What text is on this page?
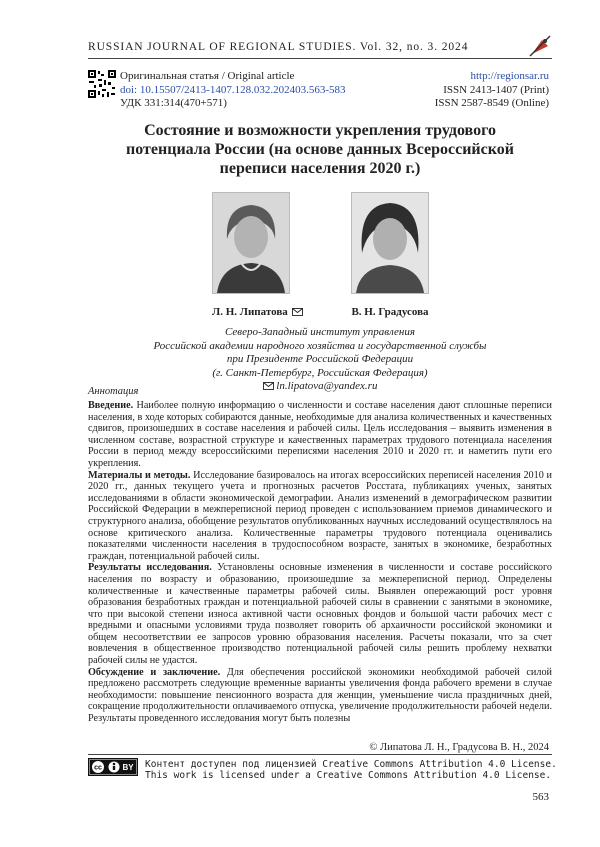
RUSSIAN JOURNAL OF REGIONAL STUDIES. Vol. 32, no. 3. 2024
Оригинальная статья / Original article
doi: 10.15507/2413-1407.128.032.202403.563-583
УДК 331:314(470+571)
http://regionsar.ru
ISSN 2413-1407 (Print)
ISSN 2587-8549 (Online)
Состояние и возможности укрепления трудового
потенциала России (на основе данных Всероссийской
переписи населения 2020 г.)
Л. Н. Липатова	В. Н. Градусова
Северо-Западный институт управления
Российской академии народного хозяйства и государственной службы
при Президенте Российской Федерации
(г. Санкт-Петербург, Российская Федерация)
ln.lipatova@yandex.ru
Аннотация

Введение. Наиболее полную информацию о численности и составе населения дают сплошные переписи населения, в ходе которых собираются данные, необходимые для анализа количественных и качественных сдвигов, произошедших в составе населения и рабочей силы. Цель исследования – выявить изменения в численном составе, возрастной структуре и качественных параметрах трудового потенциала населения России в период между всероссийскими переписями населения 2010 и 2020 гг. и наметить пути его укрепления.

Материалы и методы. Исследование базировалось на итогах всероссийских переписей населения 2010 и 2020 гг., данных текущего учета и прогнозных расчетов Росстата, публикациях ученых, занятых исследованиями в области экономической демографии. Анализ изменений в демографическом развитии Российской Федерации в межпереписной период проведен с использованием приемов динамического и структурного анализа, обобщение результатов опубликованных научных исследований осуществлялось на основе критического анализа. Количественные параметры трудового потенциала оценивались показателями численности населения в трудоспособном возрасте, занятых в экономике, безработных граждан, потенциальной рабочей силы.

Результаты исследования. Установлены основные изменения в численности и составе российского населения по возрасту и образованию, произошедшие за межпереписной период. Определены количественные и качественные параметры рабочей силы. Выявлен опережающий рост уровня образования безработных граждан и потенциальной рабочей силы в сравнении с занятыми в экономике, что при высокой степени износа активной части основных фондов и большой части рабочих мест с вредными и опасными условиями труда позволяет говорить об архаичности российской экономики и общем несоответствии ее запросов уровню образования населения. Расчеты показали, что за счет вовлечения в общественное производство потенциальной рабочей силы решить проблему нехватки рабочей силы не удастся.

Обсуждение и заключение. Для обеспечения российской экономики необходимой рабочей силой предложено рассмотреть следующие вре́менные варианты увеличения фонда рабочего времени в случае необходимости: повышение пенсионного возраста для женщин, уменьшение числа праздничных дней, сокращение продолжительности оплачиваемого отпуска, увеличение продолжительности рабочей недели. Результаты проведенного исследования могут быть полезны

© Липатова Л. Н., Градусова В. Н., 2024
cc	BY Контент доступен под лицензией Creative Commons Attribution 4.0 License.
This work is licensed under a Creative Commons Attribution 4.0 License.
563
